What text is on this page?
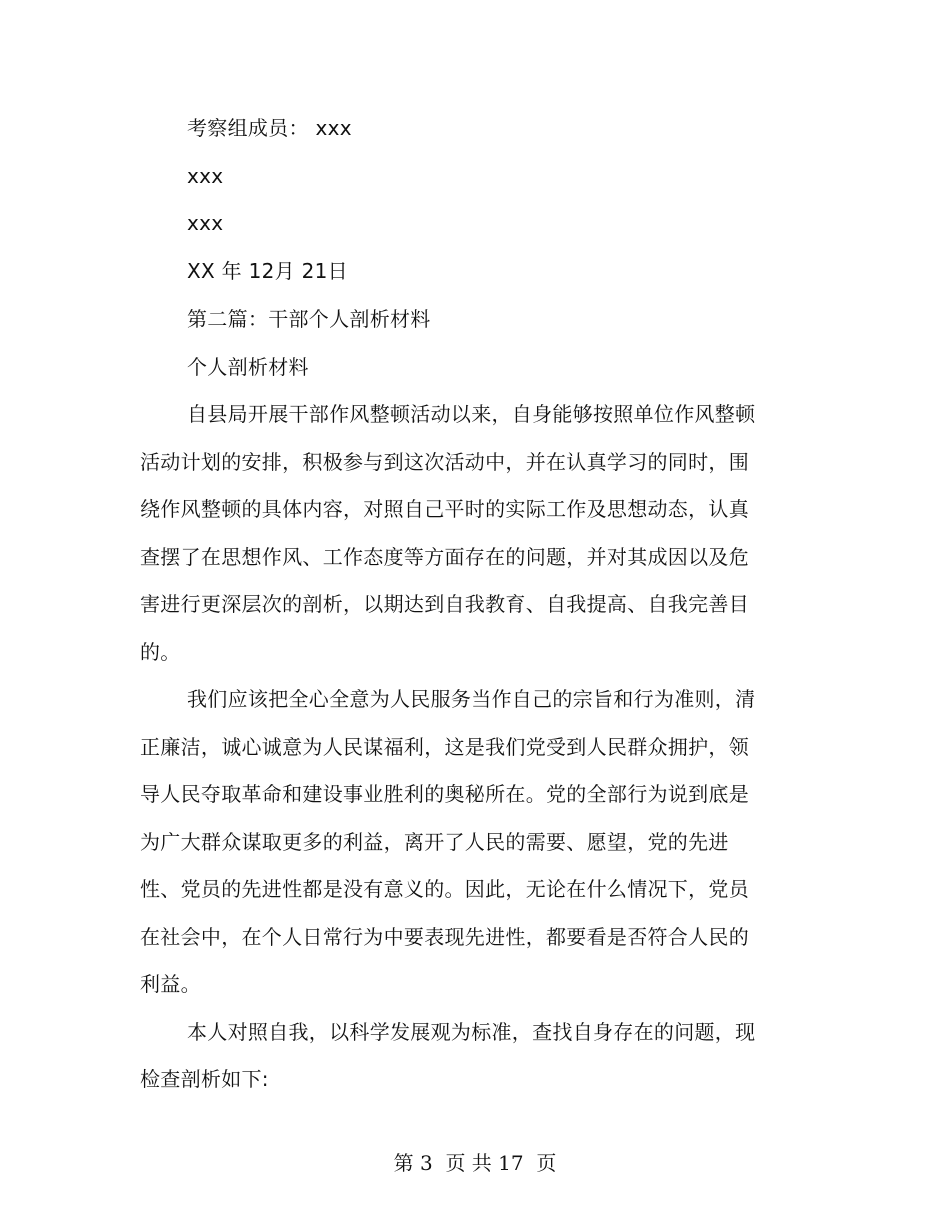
考察组成员： xxx
xxx
xxx
XX 年 12月 21日
第二篇：干部个人剖析材料
个人剖析材料
自县局开展干部作风整顿活动以来，自身能够按照单位作风整顿
活动计划的安排，积极参与到这次活动中，并在认真学习的同时，围
绕作风整顿的具体内容，对照自己平时的实际工作及思想动态，认真
查摆了在思想作风、工作态度等方面存在的问题，并对其成因以及危
害进行更深层次的剖析，以期达到自我教育、自我提高、自我完善目
的。
我们应该把全心全意为人民服务当作自己的宗旨和行为准则，清
正廉洁，诚心诚意为人民谋福利，这是我们党受到人民群众拥护，领
导人民夺取革命和建设事业胜利的奥秘所在。党的全部行为说到底是
为广大群众谋取更多的利益，离开了人民的需要、愿望，党的先进
性、党员的先进性都是没有意义的。因此，无论在什么情况下，党员
在社会中，在个人日常行为中要表现先进性，都要看是否符合人民的
利益。
本人对照自我，以科学发展观为标准，查找自身存在的问题，现
检查剖析如下:
第 3  页 共 17  页
